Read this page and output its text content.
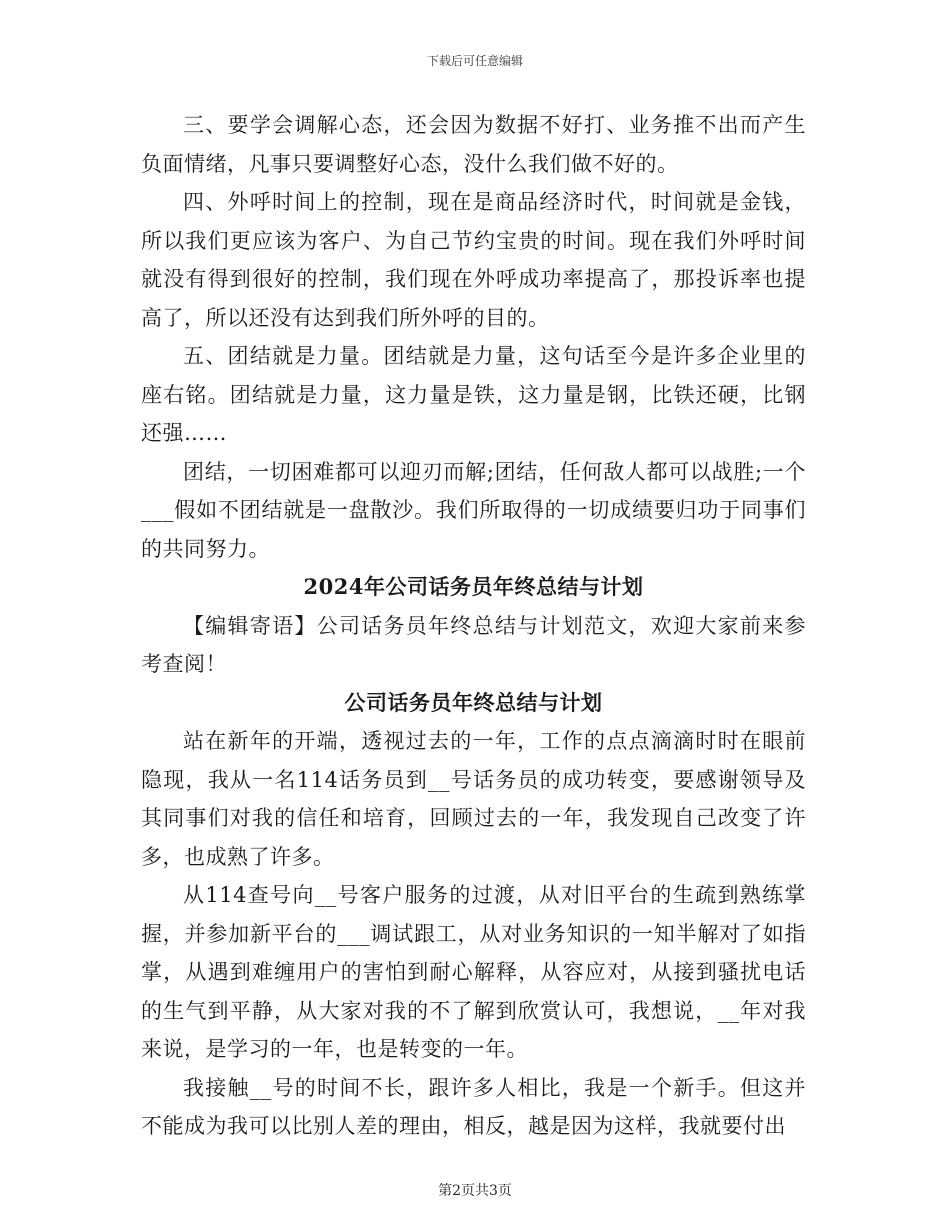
下载后可任意编辑

三、要学会调解心态，还会因为数据不好打、业务推不出而产生负面情绪，凡事只要调整好心态，没什么我们做不好的。

四、外呼时间上的控制，现在是商品经济时代，时间就是金钱，所以我们更应该为客户、为自己节约宝贵的时间。现在我们外呼时间就没有得到很好的控制，我们现在外呼成功率提高了，那投诉率也提高了，所以还没有达到我们所外呼的目的。

五、团结就是力量。团结就是力量，这句话至今是许多企业里的座右铭。团结就是力量，这力量是铁，这力量是钢，比铁还硬，比钢还强……

团结，一切困难都可以迎刃而解;团结，任何敌人都可以战胜;一个___假如不团结就是一盘散沙。我们所取得的一切成绩要归功于同事们的共同努力。

2024年公司话务员年终总结与计划

【编辑寄语】公司话务员年终总结与计划范文，欢迎大家前来参考查阅！

公司话务员年终总结与计划

站在新年的开端，透视过去的一年，工作的点点滴滴时时在眼前隐现，我从一名114话务员到__号话务员的成功转变，要感谢领导及其同事们对我的信任和培育，回顾过去的一年，我发现自己改变了许多，也成熟了许多。

从114查号向__号客户服务的过渡，从对旧平台的生疏到熟练掌握，并参加新平台的___调试跟工，从对业务知识的一知半解对了如指掌，从遇到难缠用户的害怕到耐心解释，从容应对，从接到骚扰电话的生气到平静，从大家对我的不了解到欣赏认可，我想说，__年对我来说，是学习的一年，也是转变的一年。

我接触__号的时间不长，跟许多人相比，我是一个新手。但这并不能成为我可以比别人差的理由，相反，越是因为这样，我就要付出

第2页共3页
